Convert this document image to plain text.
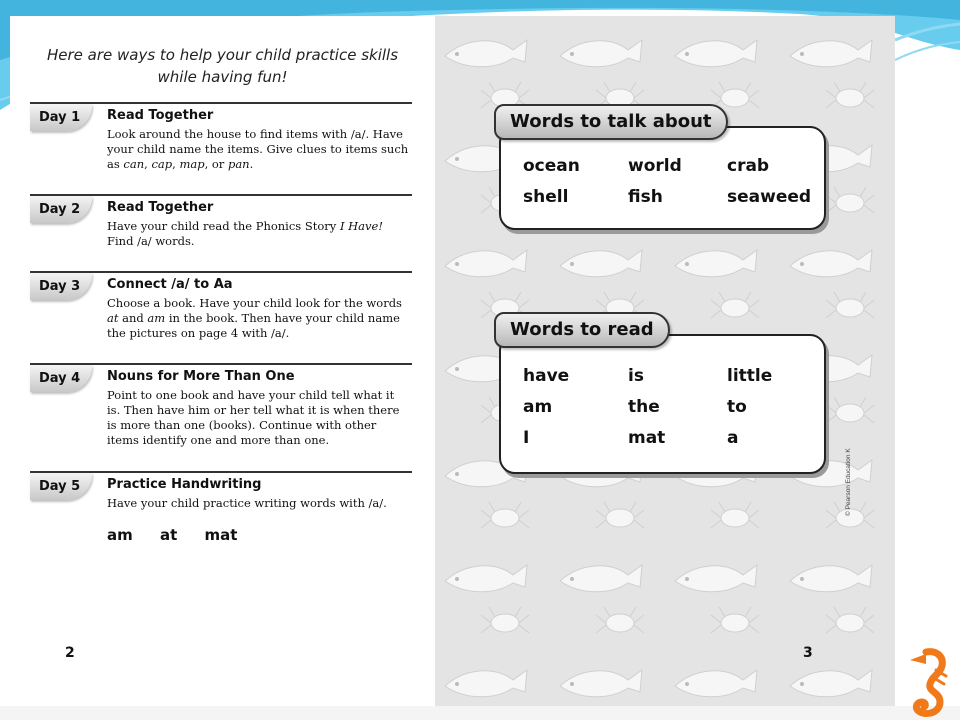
Here are ways to help your child practice skills while having fun!
Day 1	Read Together
Look around the house to find items with /a/. Have your child name the items. Give clues to items such as can, cap, map, or pan.
Day 2	Read Together
Have your child read the Phonics Story I Have! Find /a/ words.
Day 3	Connect /a/ to Aa
Choose a book. Have your child look for the words at and am in the book. Then have your child name the pictures on page 4 with /a/.
Day 4	Nouns for More Than One
Point to one book and have your child tell what it is. Then have him or her tell what it is when there is more than one (books). Continue with other items identify one and more than one.
Day 5	Practice Handwriting
Have your child practice writing words with /a/.
am at mat
2
Words to talk about
ocean	world	crab
shell	fish	seaweed
Words to read
have	is	little
am	the	to
I	mat	a
© Pearson Education K
3
